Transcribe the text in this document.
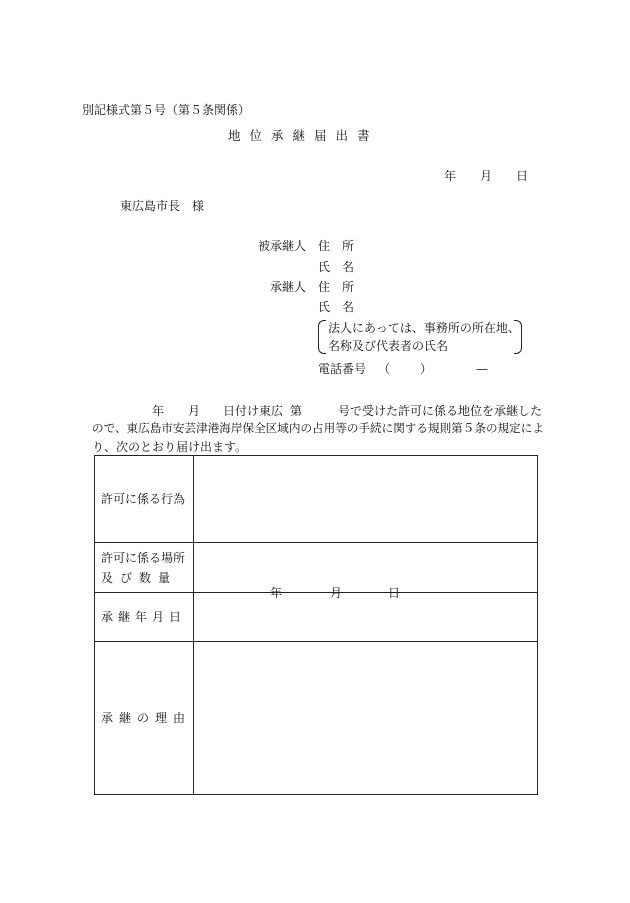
別記様式第５号（第５条関係）
地位承継届出書
年 月 日
東広島市長　様
被承継人 住　所
氏　名
承継人 住　所
氏　名
法人にあっては、事務所の所在地、
名称及び代表者の氏名
電話番号 （ ）	—
年 月 日付け東広 第	号で受けた許可に係る地位を承継した
ので、東広島市安芸津港海岸保全区域内の占用等の手続に関する規則第５条の規定によ
り、次のとおり届け出ます。
許可に係る行為	

許可に係る場所
及び数量	

承継年月日	年 月 日

承継の理由	
